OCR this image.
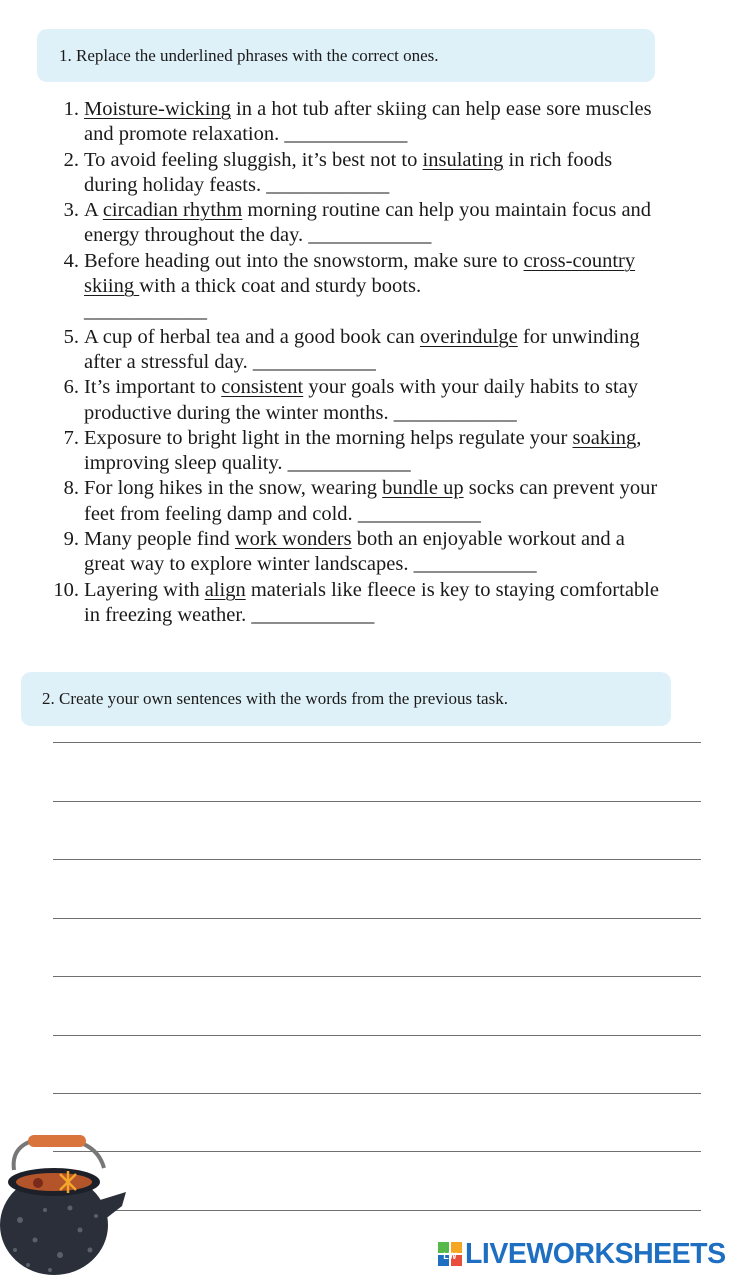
1. Replace the underlined phrases with the correct ones.
1. Moisture-wicking in a hot tub after skiing can help ease sore muscles and promote relaxation. ____________
2. To avoid feeling sluggish, it’s best not to insulating in rich foods during holiday feasts. ____________
3. A circadian rhythm morning routine can help you maintain focus and energy throughout the day. ____________
4. Before heading out into the snowstorm, make sure to cross-country skiing with a thick coat and sturdy boots.
____________
5. A cup of herbal tea and a good book can overindulge for unwinding after a stressful day. ____________
6. It’s important to consistent your goals with your daily habits to stay productive during the winter months. ____________
7. Exposure to bright light in the morning helps regulate your soaking, improving sleep quality. ____________
8. For long hikes in the snow, wearing bundle up socks can prevent your feet from feeling damp and cold. ____________
9. Many people find work wonders both an enjoyable workout and a great way to explore winter landscapes. ____________
10. Layering with align materials like fleece is key to staying comfortable in freezing weather. ____________
2. Create your own sentences with the words from the previous task.
LW LIVEWORKSHEETS
